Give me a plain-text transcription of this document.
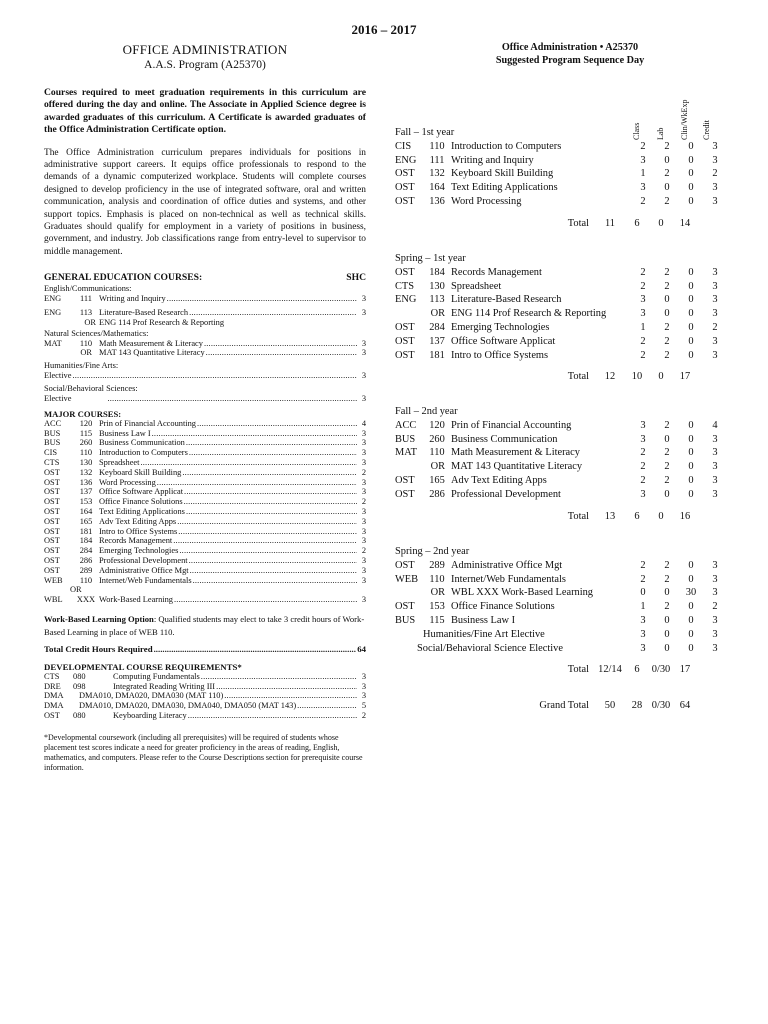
2016 – 2017
OFFICE ADMINISTRATION
A.A.S. Program (A25370)

Courses required to meet graduation requirements in this curriculum are offered during the day and online. The Associate in Applied Science degree is awarded graduates of this curriculum. A Certificate is awarded graduates of the Office Administration Certificate option.

The Office Administration curriculum prepares individuals for positions in administrative support careers. It equips office professionals to respond to the demands of a dynamic computerized workplace. Students will complete courses designed to develop proficiency in the use of integrated software, oral and written communication, analysis and coordination of office duties and systems, and other support topics. Emphasis is placed on non-technical as well as technical skills. Graduates should qualify for employment in a variety of positions in business, government, and industry. Job classifications range from entry-level to supervisor to middle management.

GENERAL EDUCATION COURSES:	SHC
English/Communications:
ENG	111 Writing and Inquiry .....	3
ENG	113 Literature-Based Research .....	3
OR ENG 114 Prof Research & Reporting
Natural Sciences/Mathematics:
MAT	110 Math Measurement & Literacy .....	3
OR MAT 143 Quantitative Literacy .....	3
Humanities/Fine Arts:
Elective .....	3
Social/Behavioral Sciences:
Elective .....	3
MAJOR COURSES:
ACC	120 Prin of Financial Accounting .....	4
BUS	115 Business Law I .....	3
BUS	260 Business Communication .....	3
CIS	110 Introduction to Computers .....	3
CTS	130 Spreadsheet .....	3
OST	132 Keyboard Skill Building .....	2
OST	136 Word Processing .....	3
OST	137 Office Software Applicat .....	3
OST	153 Office Finance Solutions .....	2
OST	164 Text Editing Applications .....	3
OST	165 Adv Text Editing Apps .....	3
OST	181 Intro to Office Systems .....	3
OST	184 Records Management .....	3
OST	284 Emerging Technologies .....	2
OST	286 Professional Development .....	3
OST	289 Administrative Office Mgt .....	3
WEB	110 Internet/Web Fundamentals .....	3
OR
WBL	XXX Work-Based Learning .....	3

Work-Based Learning Option: Qualified students may elect to take 3 credit hours of Work-Based Learning in place of WEB 110.

Total Credit Hours Required .....	64
DEVELOPMENTAL COURSE REQUIREMENTS*
CTS	080	Computing Fundamentals .....	3
DRE	098	Integrated Reading Writing III .....	3
DMA	DMA010, DMA020, DMA030 (MAT 110) .....	3
DMA	DMA010, DMA020, DMA030, DMA040, DMA050 (MAT 143) .....	5
OST	080	Keyboarding Literacy .....	2

*Developmental coursework (including all prerequisites) will be required of students whose placement test scores indicate a need for greater proficiency in the areas of reading, English, mathematics, and computers. Please refer to the Course Descriptions section for prerequisite course information.

Office Administration • A25370
Suggested Program Sequence Day
Class Lab Clin/WkExp Credit
Fall – 1st year
CIS	110 Introduction to Computers	2	2	0	3
ENG	111 Writing and Inquiry	3	0	0	3
OST	132 Keyboard Skill Building	1	2	0	2
OST	164 Text Editing Applications	3	0	0	3
OST	136 Word Processing	2	2	0	3
Total	11	6	0	14
Spring – 1st year
OST	184 Records Management	2	2	0	3
CTS	130 Spreadsheet	2	2	0	3
ENG	113 Literature-Based Research	3	0	0	3
OR ENG 114 Prof Research & Reporting	3	0	0	3
OST	284 Emerging Technologies	1	2	0	2
OST	137 Office Software Applicat	2	2	0	3
OST	181 Intro to Office Systems	2	2	0	3
Total	12	10	0	17
Fall – 2nd year
ACC	120 Prin of Financial Accounting	3	2	0	4
BUS	260 Business Communication	3	0	0	3
MAT	110 Math Measurement & Literacy	2	2	0	3
OR MAT 143 Quantitative Literacy	2	2	0	3
OST	165 Adv Text Editing Apps	2	2	0	3
OST	286 Professional Development	3	0	0	3
Total	13	6	0	16
Spring – 2nd year
OST	289 Administrative Office Mgt	2	2	0	3
WEB	110 Internet/Web Fundamentals	2	2	0	3
OR WBL XXX Work-Based Learning	0	0	30	3
OST	153 Office Finance Solutions	1	2	0	2
BUS	115 Business Law I	3	0	0	3
Humanities/Fine Art Elective	3	0	0	3
Social/Behavioral Science Elective	3	0	0	3
Total 12/14	6	0/30 17
Grand Total	50	28 0/30 64
